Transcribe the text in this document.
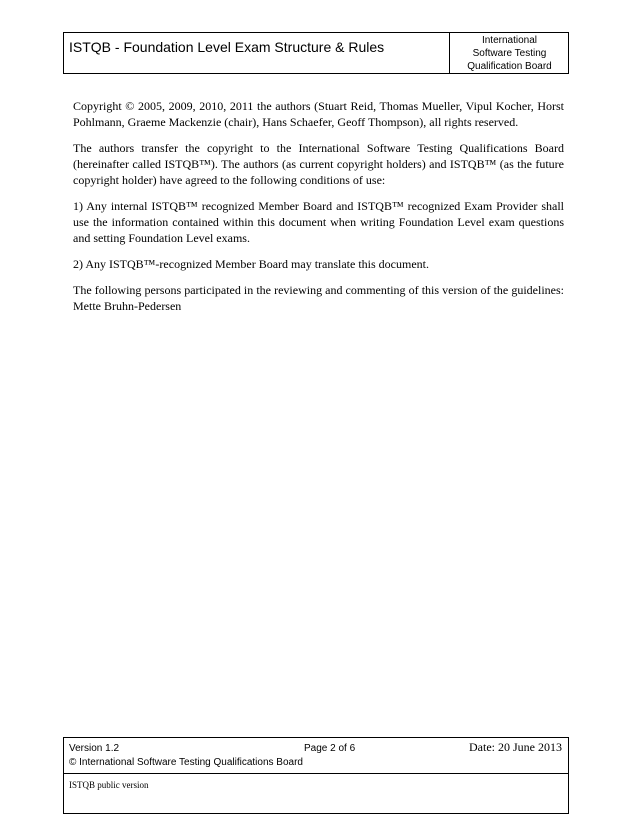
ISTQB - Foundation Level Exam Structure & Rules	International
Software Testing
Qualification Board

Copyright © 2005, 2009, 2010, 2011 the authors (Stuart Reid, Thomas Mueller, Vipul Kocher, Horst Pohlmann, Graeme Mackenzie (chair), Hans Schaefer, Geoff Thompson), all rights reserved.

The authors transfer the copyright to the International Software Testing Qualifications Board (hereinafter called ISTQB™). The authors (as current copyright holders) and ISTQB™ (as the future copyright holder) have agreed to the following conditions of use:

1) Any internal ISTQB™ recognized Member Board and ISTQB™ recognized Exam Provider shall use the information contained within this document when writing Foundation Level exam questions and setting Foundation Level exams.

2) Any ISTQB™-recognized Member Board may translate this document.

The following persons participated in the reviewing and commenting of this version of the guidelines: Mette Bruhn-Pedersen

Version 1.2	Page 2 of 6	Date: 20 June 2013
© International Software Testing Qualifications Board
ISTQB public version
